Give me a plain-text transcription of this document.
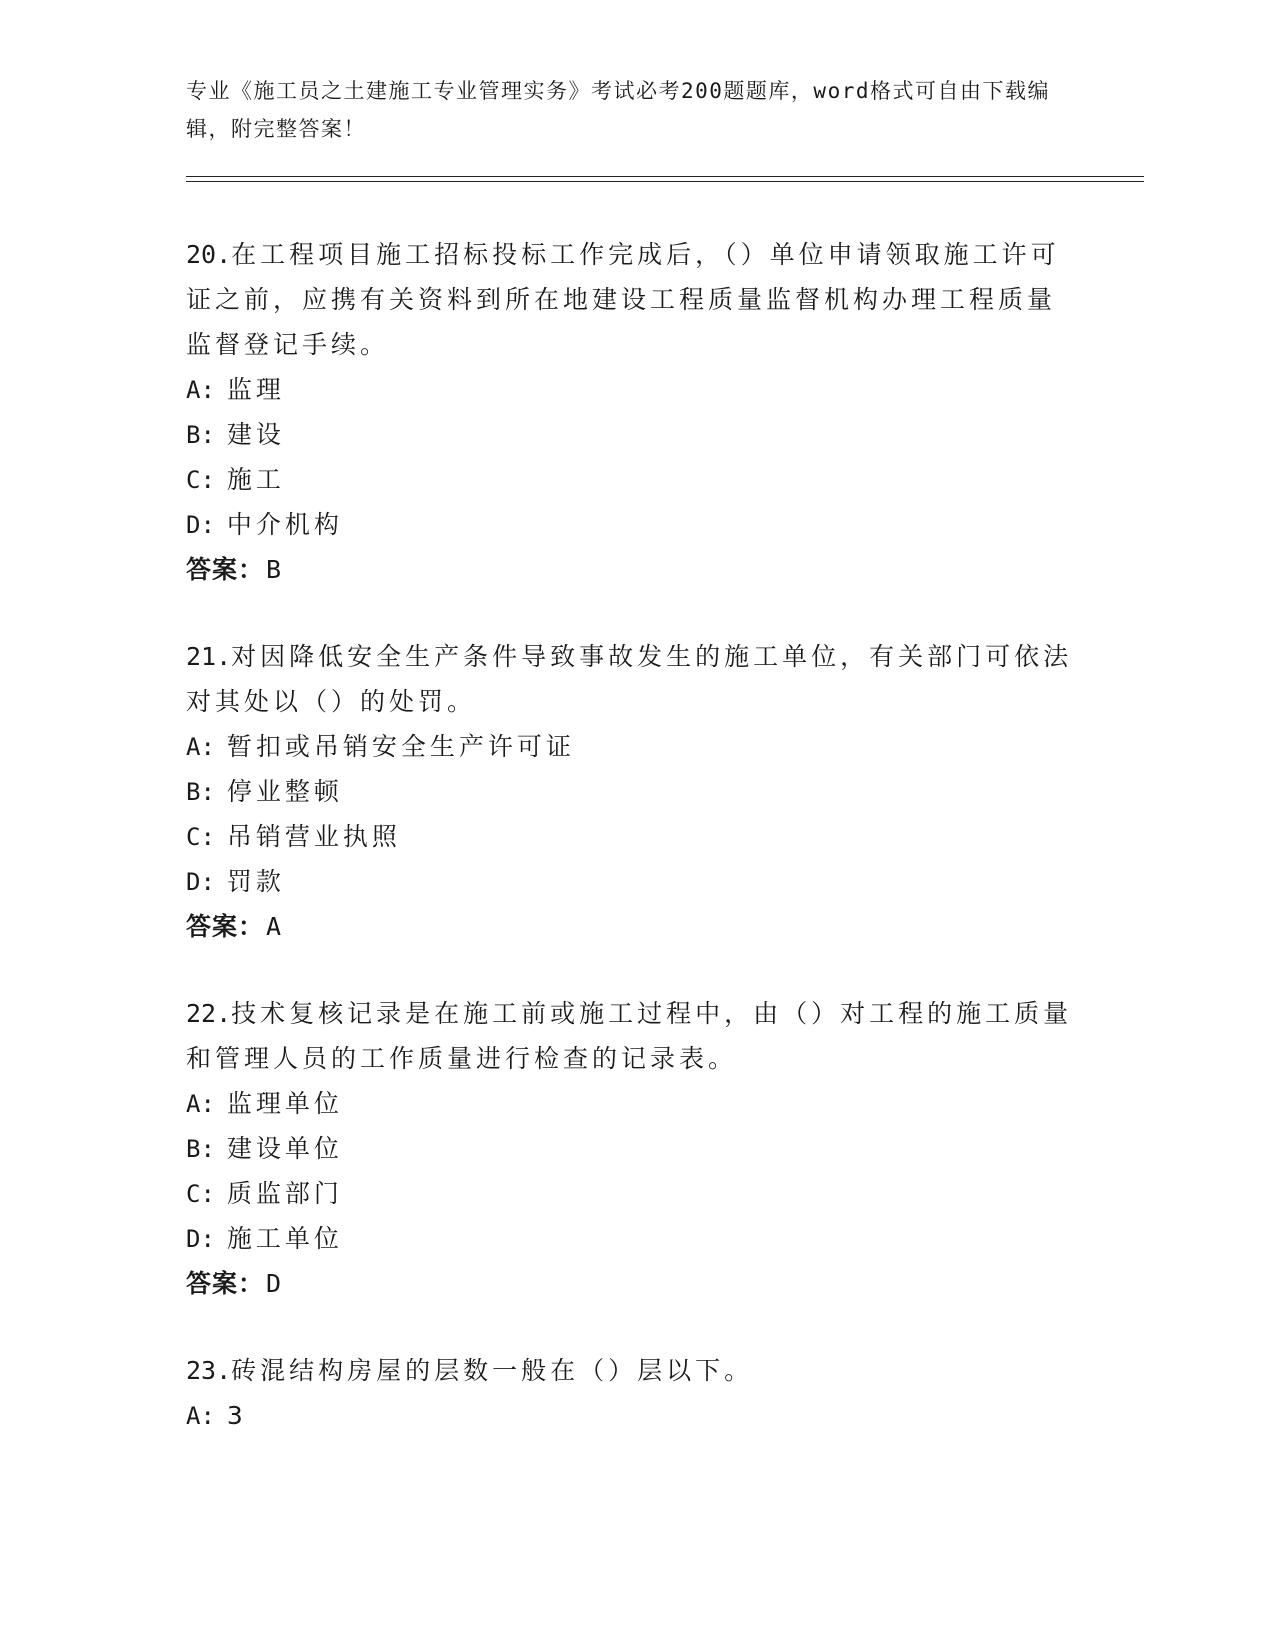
专业《施工员之土建施工专业管理实务》考试必考200题题库，word格式可自由下载编辑，附完整答案！
20.在工程项目施工招标投标工作完成后，（）单位申请领取施工许可证之前，应携有关资料到所在地建设工程质量监督机构办理工程质量监督登记手续。
A: 监理
B: 建设
C: 施工
D: 中介机构
答案：B
21.对因降低安全生产条件导致事故发生的施工单位，有关部门可依法对其处以（）的处罚。
A: 暂扣或吊销安全生产许可证
B: 停业整顿
C: 吊销营业执照
D: 罚款
答案：A
22.技术复核记录是在施工前或施工过程中，由（）对工程的施工质量和管理人员的工作质量进行检查的记录表。
A: 监理单位
B: 建设单位
C: 质监部门
D: 施工单位
答案：D
23.砖混结构房屋的层数一般在（）层以下。
A: 3
